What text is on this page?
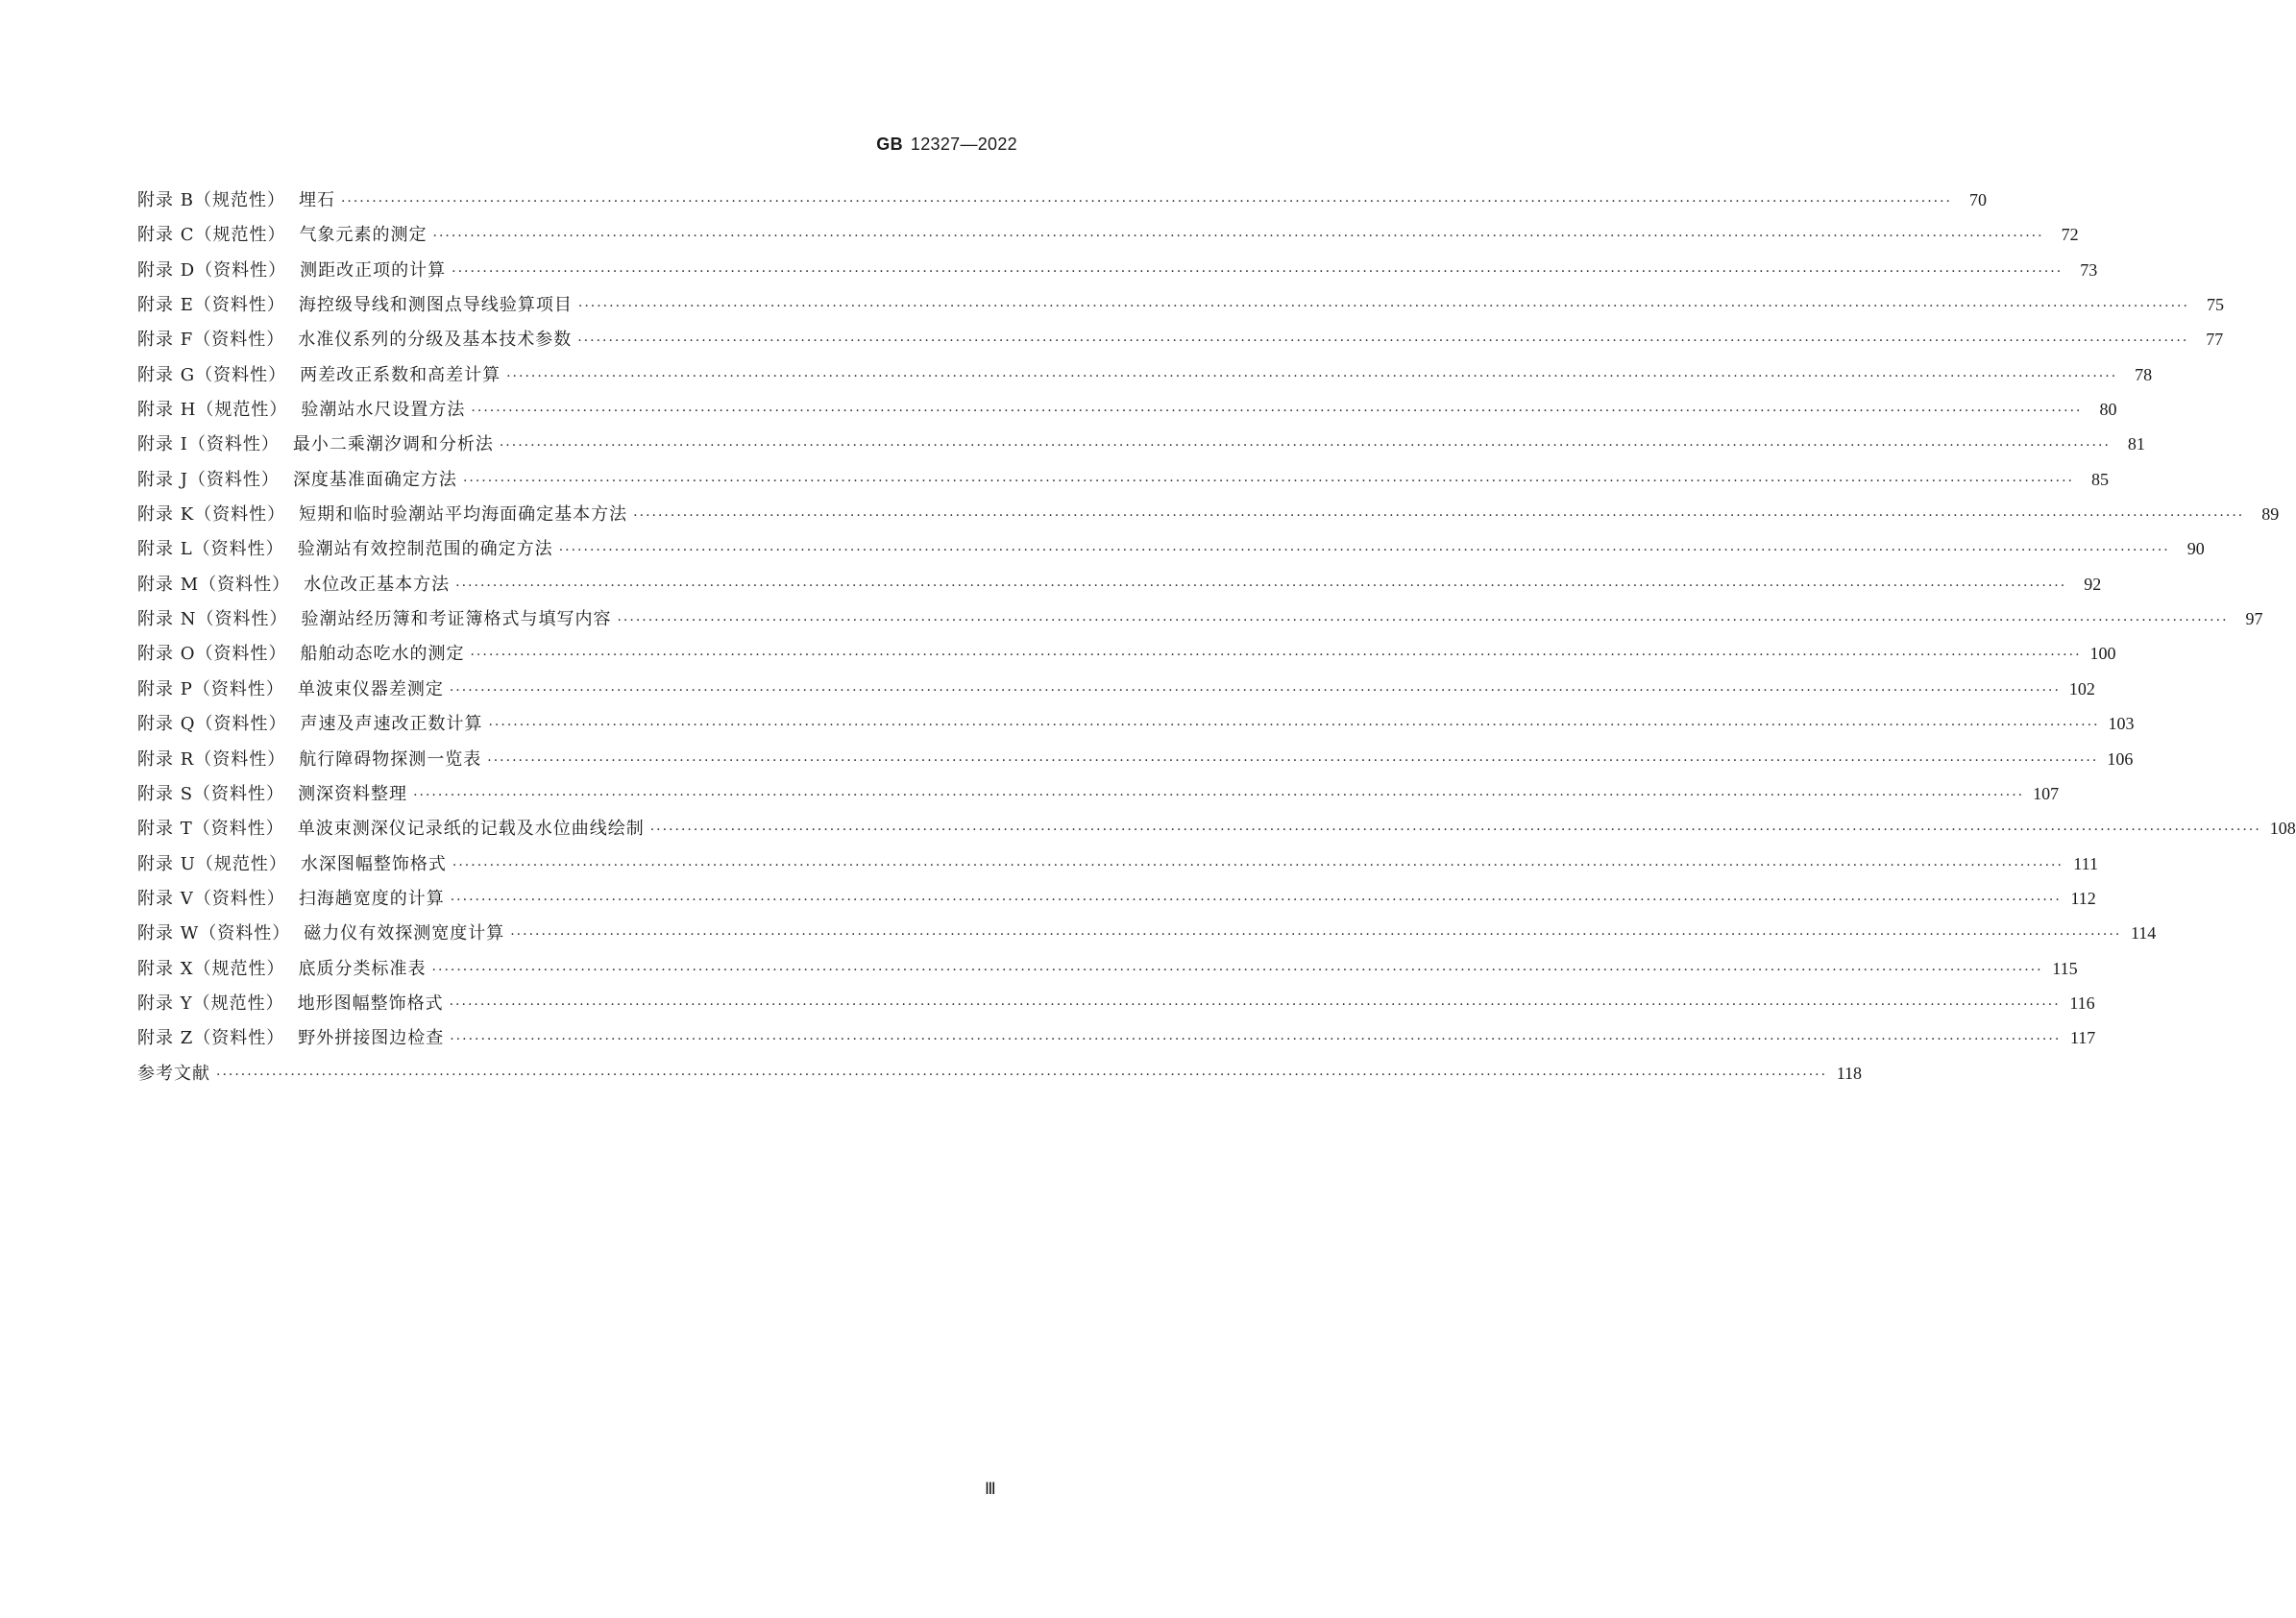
GB 12327—2022
附录 B（规范性） 埋石 ····································································································································································································································································	70
附录 C（规范性） 气象元素的测定 ····································································································································································································································································	72
附录 D（资料性） 测距改正项的计算 ····································································································································································································································································	73
附录 E（资料性） 海控级导线和测图点导线验算项目 ····································································································································································································································································	75
附录 F（资料性） 水准仪系列的分级及基本技术参数 ····································································································································································································································································	77
附录 G（资料性） 两差改正系数和高差计算 ····································································································································································································································································	78
附录 H（规范性） 验潮站水尺设置方法 ····································································································································································································································································	80
附录 I（资料性） 最小二乘潮汐调和分析法 ····································································································································································································································································	81
附录 J（资料性） 深度基准面确定方法 ····································································································································································································································································	85
附录 K（资料性） 短期和临时验潮站平均海面确定基本方法 ····································································································································································································································································	89
附录 L（资料性） 验潮站有效控制范围的确定方法 ····································································································································································································································································	90
附录 M（资料性） 水位改正基本方法 ····································································································································································································································································	92
附录 N（资料性） 验潮站经历簿和考证簿格式与填写内容 ····································································································································································································································································	97
附录 O（资料性） 船舶动态吃水的测定 ···································································································································································································································································· 100
附录 P（资料性） 单波束仪器差测定 ···································································································································································································································································· 102
附录 Q（资料性） 声速及声速改正数计算 ···································································································································································································································································· 103
附录 R（资料性） 航行障碍物探测一览表 ···································································································································································································································································· 106
附录 S（资料性） 测深资料整理 ···································································································································································································································································· 107
附录 T（资料性） 单波束测深仪记录纸的记载及水位曲线绘制 ···································································································································································································································································· 108
附录 U（规范性） 水深图幅整饰格式 ···································································································································································································································································· 111
附录 V（资料性） 扫海趟宽度的计算 ···································································································································································································································································· 112
附录 W（资料性） 磁力仪有效探测宽度计算 ···································································································································································································································································· 114
附录 X（规范性） 底质分类标准表 ···································································································································································································································································· 115
附录 Y（规范性） 地形图幅整饰格式 ···································································································································································································································································· 116
附录 Z（资料性） 野外拼接图边检查 ···································································································································································································································································· 117
参考文献 ···································································································································································································································································· 118
Ⅲ
